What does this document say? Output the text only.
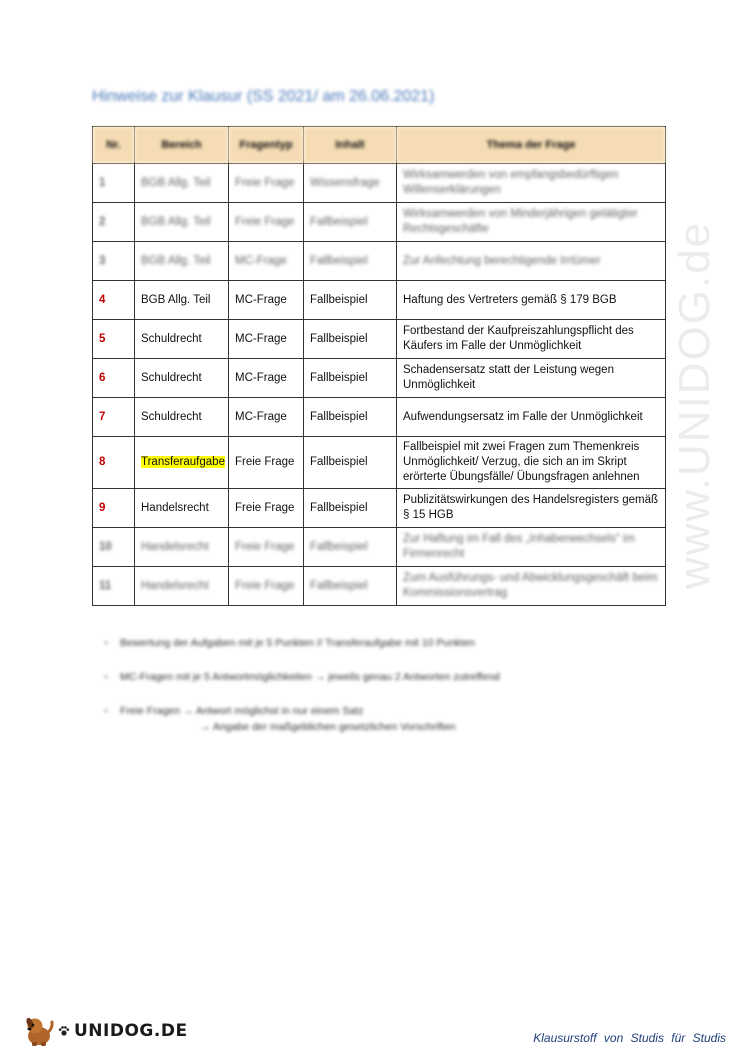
Hinweise zur Klausur (SS 2021/ am 26.06.2021)
Nr.	Bereich	Fragentyp	Inhalt	Thema der Frage
1	BGB Allg. Teil	Freie Frage	Wissensfrage	Wirksamwerden von empfangsbedürftigen Willenserklärungen
2	BGB Allg. Teil	Freie Frage	Fallbeispiel	Wirksamwerden von Minderjährigen getätigter Rechtsgeschäfte
3	BGB Allg. Teil	MC-Frage	Fallbeispiel	Zur Anfechtung berechtigende Irrtümer
4	BGB Allg. Teil	MC-Frage	Fallbeispiel	Haftung des Vertreters gemäß § 179 BGB
5	Schuldrecht	MC-Frage	Fallbeispiel	Fortbestand der Kaufpreiszahlungspflicht des Käufers im Falle der Unmöglichkeit
6	Schuldrecht	MC-Frage	Fallbeispiel	Schadensersatz statt der Leistung wegen Unmöglichkeit
7	Schuldrecht	MC-Frage	Fallbeispiel	Aufwendungsersatz im Falle der Unmöglichkeit
8	Transferaufgabe	Freie Frage	Fallbeispiel	Fallbeispiel mit zwei Fragen zum Themenkreis Unmöglichkeit/ Verzug, die sich an im Skript erörterte Übungsfälle/ Übungsfragen anlehnen
9	Handelsrecht	Freie Frage	Fallbeispiel	Publizitätswirkungen des Handelsregisters gemäß § 15 HGB
10	Handelsrecht	Freie Frage	Fallbeispiel	Zur Haftung im Fall des „Inhaberwechsels“ im Firmenrecht
11	Handelsrecht	Freie Frage	Fallbeispiel	Zum Ausführungs- und Abwicklungsgeschäft beim Kommissionsvertrag
▫ Bewertung der Aufgaben mit je 5 Punkten // Transferaufgabe mit 10 Punkten
▫ MC-Fragen mit je 5 Antwortmöglichkeiten → jeweils genau 2 Antworten zutreffend
▫ Freie Fragen → Antwort möglichst in nur einem Satz
→ Angabe der maßgeblichen gesetzlichen Vorschriften
www.UNIDOG.de
UNIDOG.DE	Klausurstoff von Studis für Studis
